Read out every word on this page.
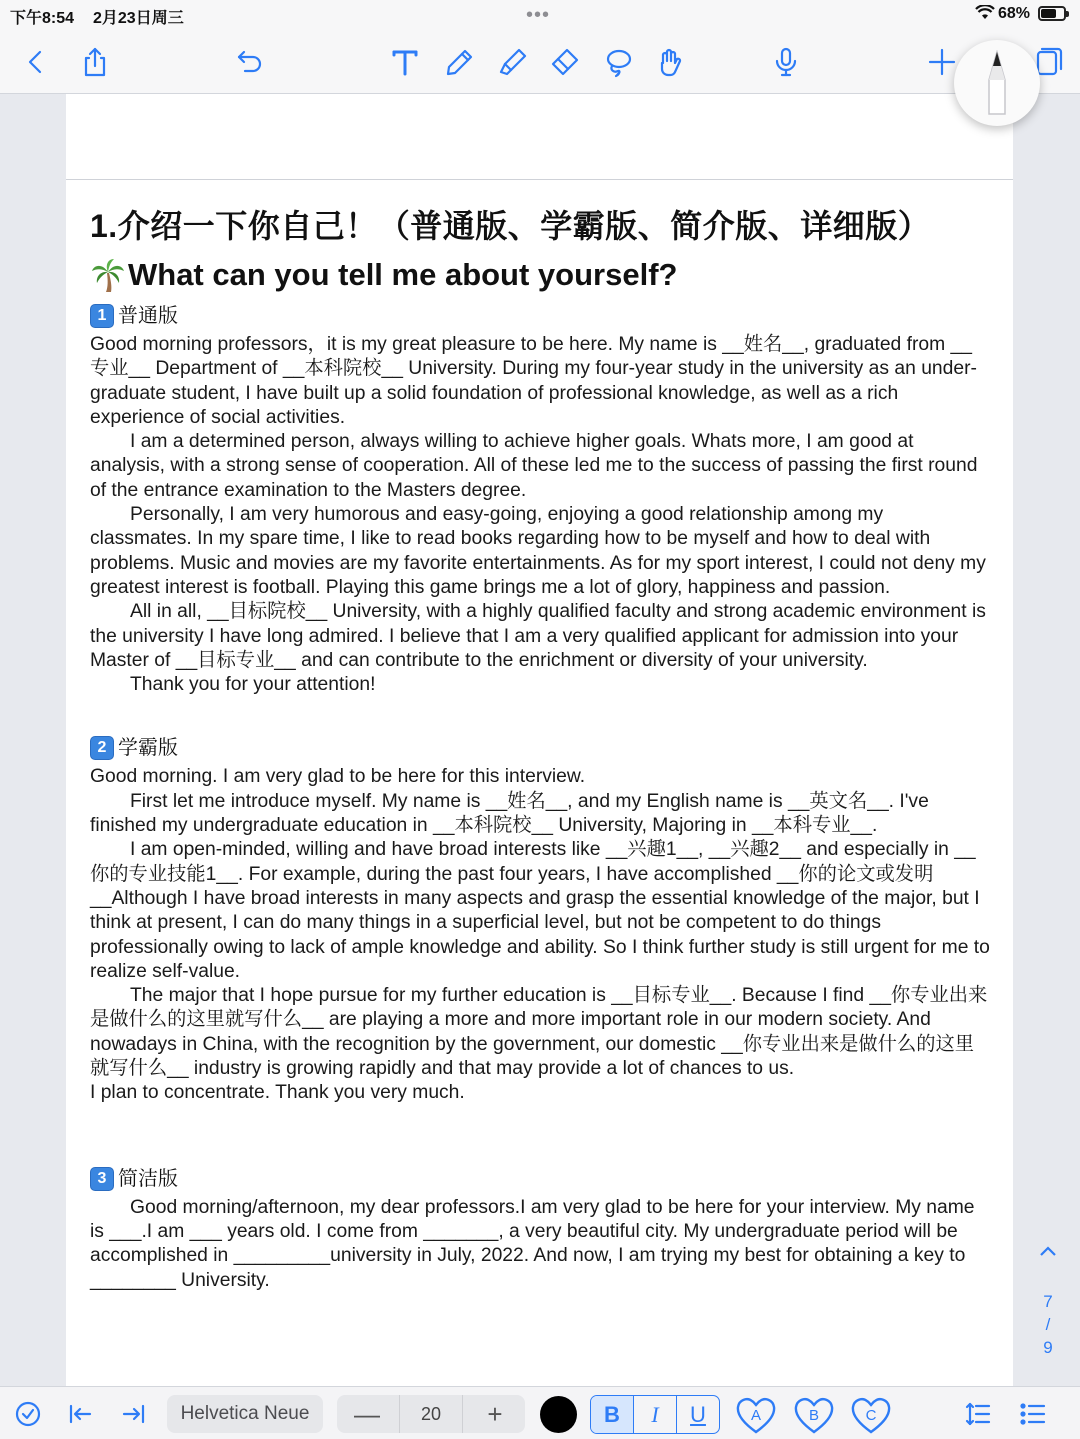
下午8:54 2月23日周三	•••	68%
1.介绍一下你自己！（普通版、学霸版、简介版、详细版）
What can you tell me about yourself?
1 普通版

Good morning professors，it is my great pleasure to be here. My name is __姓名__, graduated from __专业__ Department of __本科院校__ University. During my four-year study in the university as an under-graduate student, I have built up a solid foundation of professional knowledge, as well as a rich experience of social activities.

I am a determined person, always willing to achieve higher goals. Whats more, I am good at analysis, with a strong sense of cooperation. All of these led me to the success of passing the first round of the entrance examination to the Masters degree.

Personally, I am very humorous and easy-going, enjoying a good relationship among my classmates. In my spare time, I like to read books regarding how to be myself and how to deal with problems. Music and movies are my favorite entertainments. As for my sport interest, I could not deny my greatest interest is football. Playing this game brings me a lot of glory, happiness and passion.

All in all, __目标院校__ University, with a highly qualified faculty and strong academic environment is the university I have long admired. I believe that I am a very qualified applicant for admission into your Master of __目标专业__ and can contribute to the enrichment or diversity of your university.

Thank you for your attention!

2 学霸版

Good morning. I am very glad to be here for this interview.

First let me introduce myself. My name is __姓名__, and my English name is __英文名__. I've finished my undergraduate education in __本科院校__ University, Majoring in __本科专业__.

I am open-minded, willing and have broad interests like __兴趣1__, __兴趣2__ and especially in __你的专业技能1__. For example, during the past four years, I have accomplished __你的论文或发明__Although I have broad interests in many aspects and grasp the essential knowledge of the major, but I think at present, I can do many things in a superficial level, but not be competent to do things professionally owing to lack of ample knowledge and ability. So I think further study is still urgent for me to realize self-value.

The major that I hope pursue for my further education is __目标专业__. Because I find __你专业出来是做什么的这里就写什么__ are playing a more and more important role in our modern society. And nowadays in China, with the recognition by the government, our domestic __你专业出来是做什么的这里就写什么__ industry is growing rapidly and that may provide a lot of chances to us.

I plan to concentrate. Thank you very much.

3 简洁版

Good morning/afternoon, my dear professors.I am very glad to be here for your interview. My name is ___.I am ___ years old. I come from _______, a very beautiful city. My undergraduate period will be accomplished in _________university in July, 2022. And now, I am trying my best for obtaining a key to ________ University.

7
/
9
Helvetica Neue	—	20	+	B	I	U	A	B	C
